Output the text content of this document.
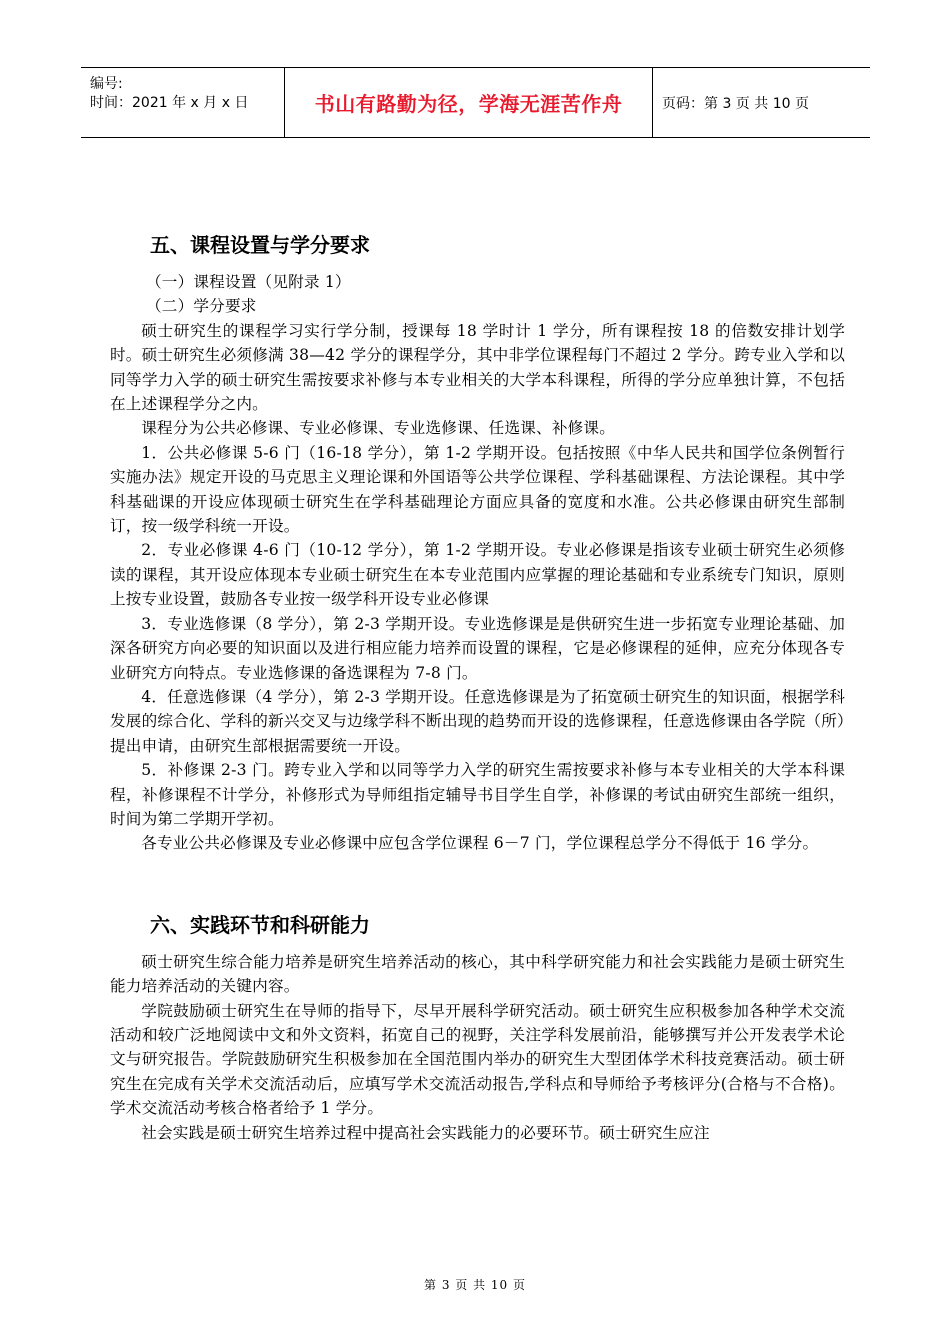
编号:
时间：2021 年 x 月 x 日	书山有路勤为径，学海无涯苦作舟	页码：第 3 页 共 10 页
五、课程设置与学分要求

（一）课程设置（见附录 1）

（二）学分要求

硕士研究生的课程学习实行学分制，授课每 18 学时计 1 学分，所有课程按 18 的倍数安排计划学时。硕士研究生必须修满 38—42 学分的课程学分，其中非学位课程每门不超过 2 学分。跨专业入学和以同等学力入学的硕士研究生需按要求补修与本专业相关的大学本科课程，所得的学分应单独计算，不包括在上述课程学分之内。

课程分为公共必修课、专业必修课、专业选修课、任选课、补修课。

1．公共必修课 5-6 门（16-18 学分），第 1-2 学期开设。包括按照《中华人民共和国学位条例暂行实施办法》规定开设的马克思主义理论课和外国语等公共学位课程、学科基础课程、方法论课程。其中学科基础课的开设应体现硕士研究生在学科基础理论方面应具备的宽度和水准。公共必修课由研究生部制订，按一级学科统一开设。

2．专业必修课 4-6 门（10-12 学分），第 1-2 学期开设。专业必修课是指该专业硕士研究生必须修读的课程，其开设应体现本专业硕士研究生在本专业范围内应掌握的理论基础和专业系统专门知识，原则上按专业设置，鼓励各专业按一级学科开设专业必修课

3．专业选修课（8 学分），第 2-3 学期开设。专业选修课是是供研究生进一步拓宽专业理论基础、加深各研究方向必要的知识面以及进行相应能力培养而设置的课程，它是必修课程的延伸，应充分体现各专业研究方向特点。专业选修课的备选课程为 7-8 门。

4．任意选修课（4 学分），第 2-3 学期开设。任意选修课是为了拓宽硕士研究生的知识面，根据学科发展的综合化、学科的新兴交叉与边缘学科不断出现的趋势而开设的选修课程，任意选修课由各学院（所）提出申请，由研究生部根据需要统一开设。

5．补修课 2-3 门。跨专业入学和以同等学力入学的研究生需按要求补修与本专业相关的大学本科课程，补修课程不计学分，补修形式为导师组指定辅导书目学生自学，补修课的考试由研究生部统一组织，时间为第二学期开学初。

各专业公共必修课及专业必修课中应包含学位课程 6－7 门，学位课程总学分不得低于 16 学分。

六、实践环节和科研能力

硕士研究生综合能力培养是研究生培养活动的核心，其中科学研究能力和社会实践能力是硕士研究生能力培养活动的关键内容。

学院鼓励硕士研究生在导师的指导下，尽早开展科学研究活动。硕士研究生应积极参加各种学术交流活动和较广泛地阅读中文和外文资料，拓宽自己的视野，关注学科发展前沿，能够撰写并公开发表学术论文与研究报告。学院鼓励研究生积极参加在全国范围内举办的研究生大型团体学术科技竞赛活动。硕士研究生在完成有关学术交流活动后，应填写学术交流活动报告,学科点和导师给予考核评分(合格与不合格)。学术交流活动考核合格者给予 1 学分。

社会实践是硕士研究生培养过程中提高社会实践能力的必要环节。硕士研究生应注

第 3 页 共 10 页
